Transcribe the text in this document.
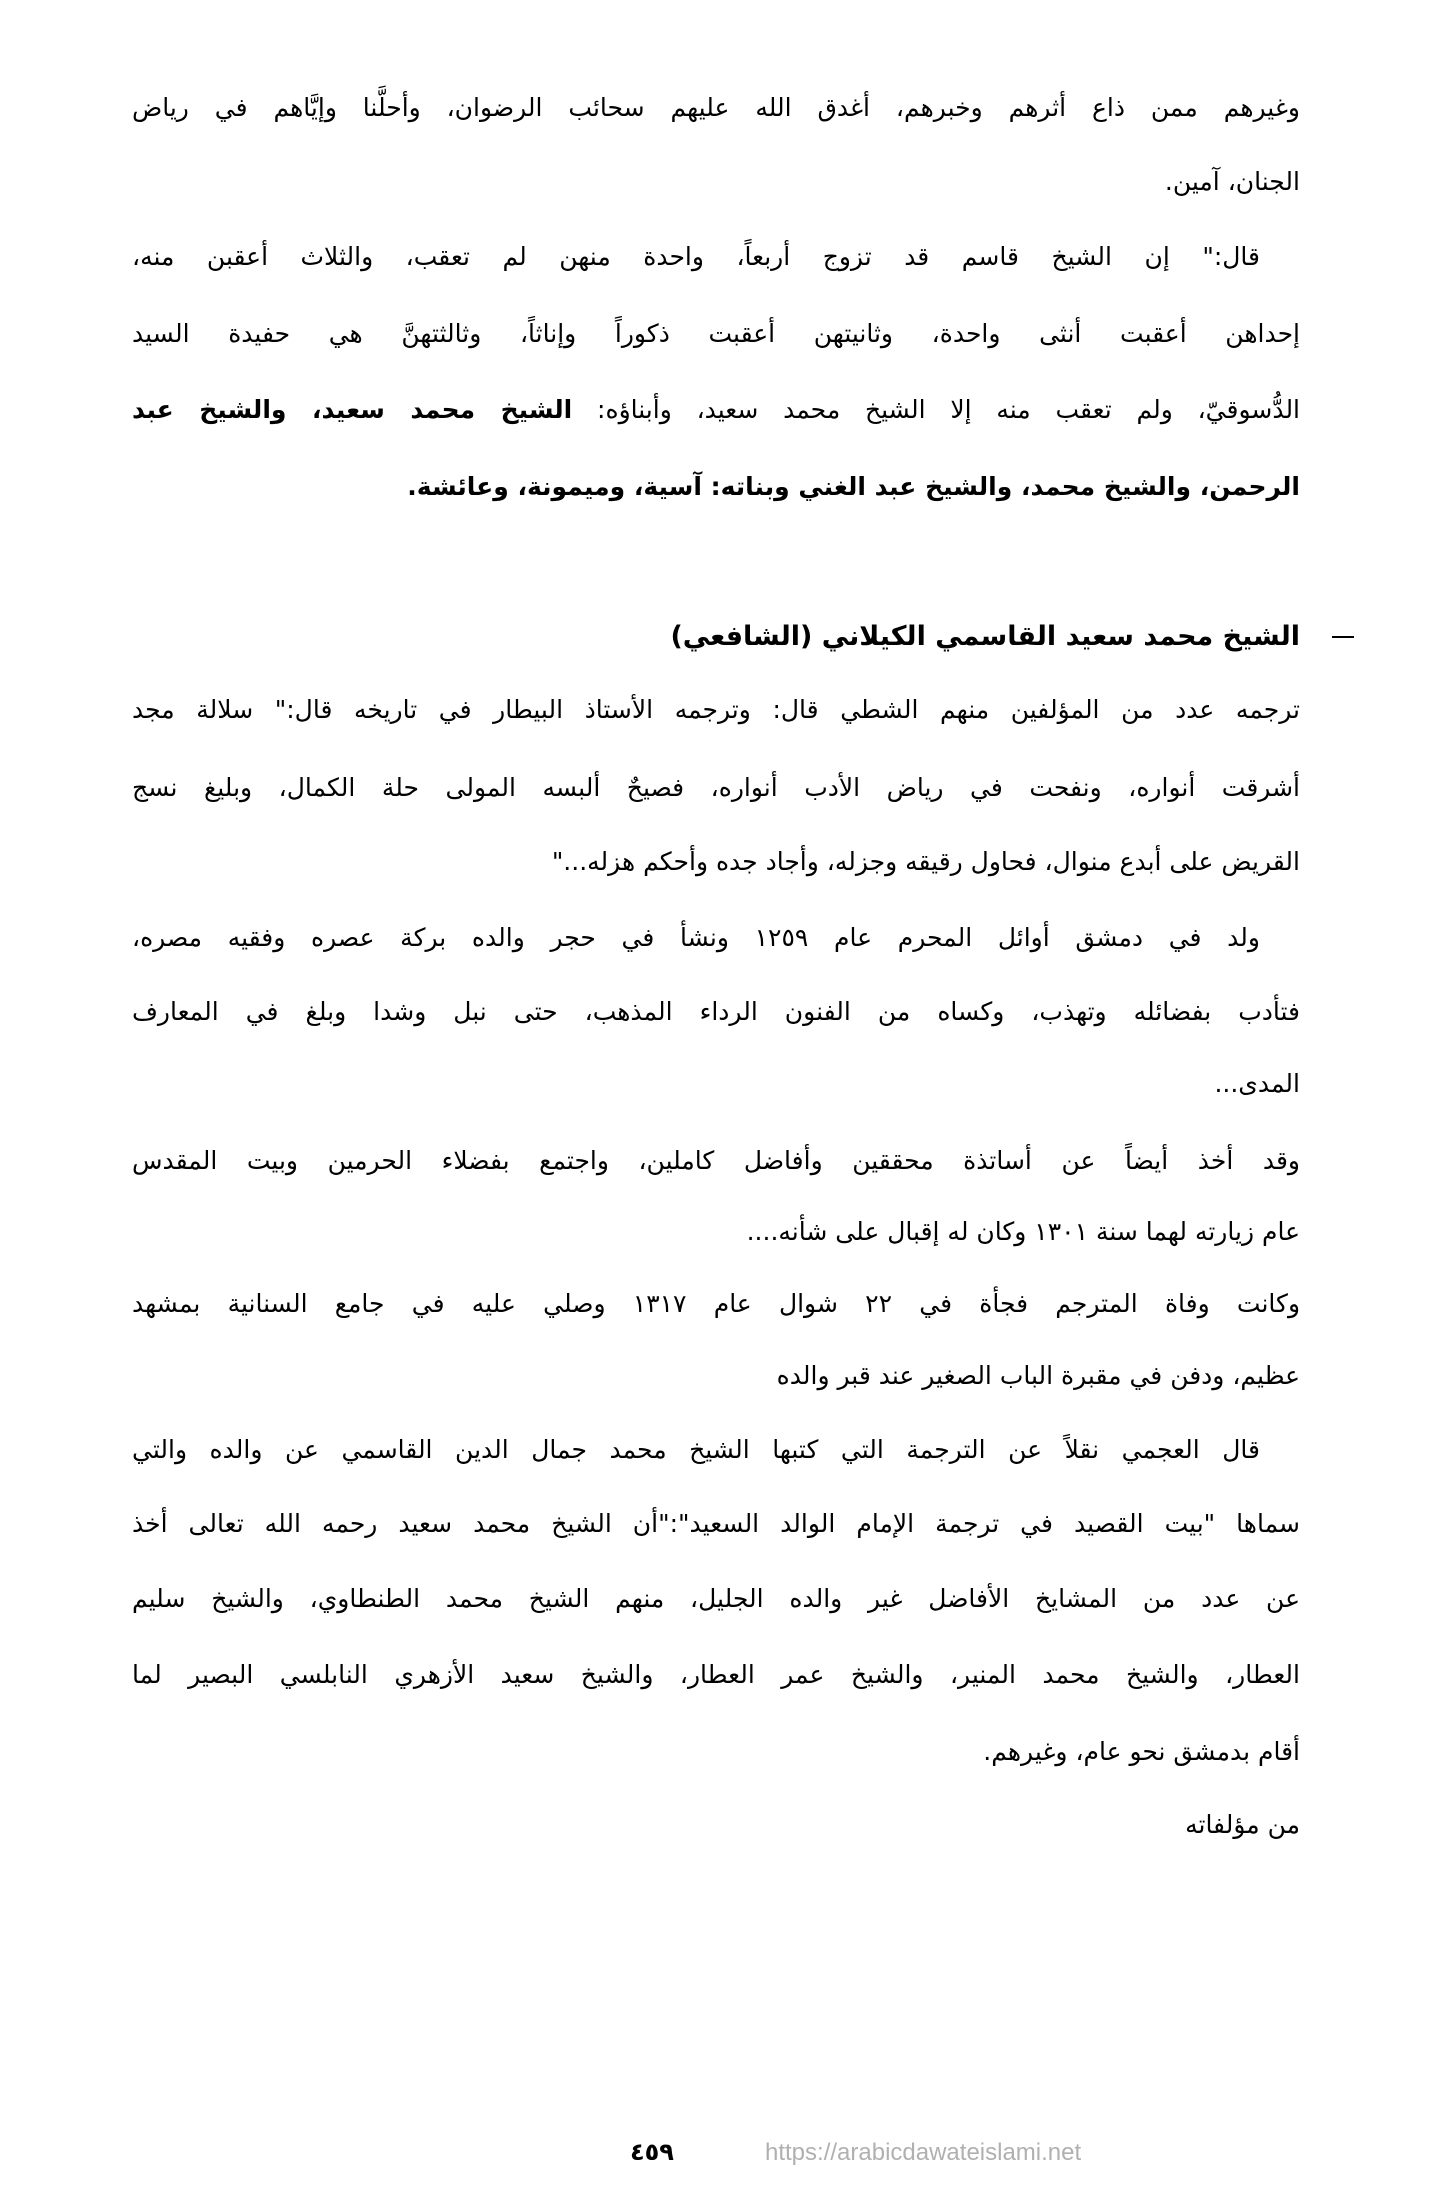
وغيرهم ممن ذاع أثرهم وخبرهم، أغدق الله عليهم سحائب الرضوان، وأحلَّنا وإيَّاهم في رياض
الجنان، آمين.
قال:" إن الشيخ قاسم قد تزوج أربعاً، واحدة منهن لم تعقب، والثلاث أعقبن منه،
إحداهن أعقبت أنثى واحدة، وثانيتهن أعقبت ذكوراً وإناثاً، وثالثتهنَّ هي حفيدة السيد
الدُّسوقيّ، ولم تعقب منه إلا الشيخ محمد سعيد، وأبناؤه: الشيخ محمد سعيد، والشيخ عبد
الرحمن، والشيخ محمد، والشيخ عبد الغني وبناته: آسية، وميمونة، وعائشة.
الشيخ محمد سعيد القاسمي الكيلاني (الشافعي)
ترجمه عدد من المؤلفين منهم الشطي قال: وترجمه الأستاذ البيطار في تاريخه قال:" سلالة مجد
أشرقت أنواره، ونفحت في رياض الأدب أنواره، فصيحٌ ألبسه المولى حلة الكمال، وبليغ نسج
القريض على أبدع منوال، فحاول رقيقه وجزله، وأجاد جده وأحكم هزله..."
ولد في دمشق أوائل المحرم عام ١٢٥٩ ونشأ في حجر والده بركة عصره وفقيه مصره،
فتأدب بفضائله وتهذب، وكساه من الفنون الرداء المذهب، حتى نبل وشدا وبلغ في المعارف
المدى...
وقد أخذ أيضاً عن أساتذة محققين وأفاضل كاملين، واجتمع بفضلاء الحرمين وبيت المقدس
عام زيارته لهما سنة ١٣٠١ وكان له إقبال على شأنه....
وكانت وفاة المترجم فجأة في ٢٢ شوال عام ١٣١٧ وصلي عليه في جامع السنانية بمشهد
عظيم، ودفن في مقبرة الباب الصغير عند قبر والده
قال العجمي نقلاً عن الترجمة التي كتبها الشيخ محمد جمال الدين القاسمي عن والده والتي
سماها "بيت القصيد في ترجمة الإمام الوالد السعيد":"أن الشيخ محمد سعيد رحمه الله تعالى أخذ
عن عدد من المشايخ الأفاضل غير والده الجليل، منهم الشيخ محمد الطنطاوي، والشيخ سليم
العطار، والشيخ محمد المنير، والشيخ عمر العطار، والشيخ سعيد الأزهري النابلسي البصير لما
أقام بدمشق نحو عام، وغيرهم.
من مؤلفاته
٤٥٩	https://arabicdawateislami.net
